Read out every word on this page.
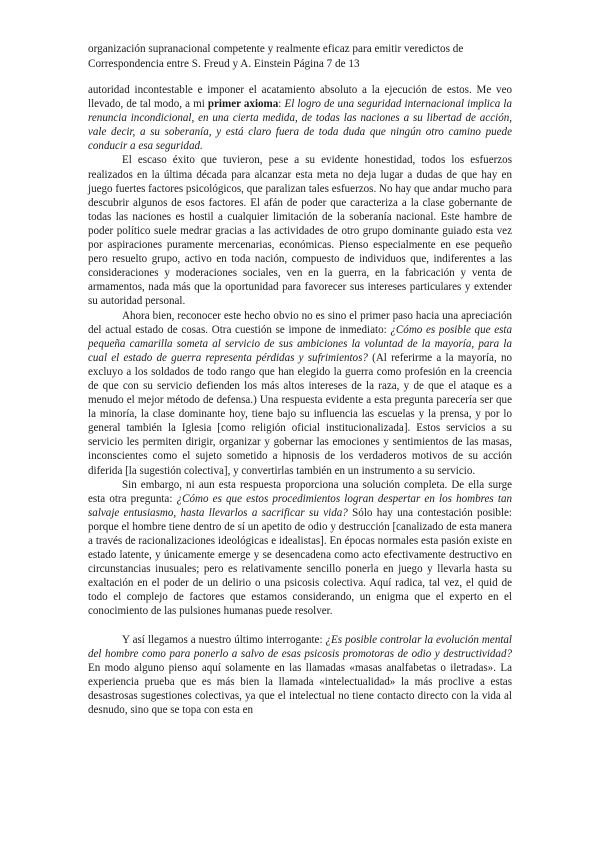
organización supranacional competente y realmente eficaz para emitir veredictos de Correspondencia entre S. Freud y A. Einstein Página 7 de 13

autoridad incontestable e imponer el acatamiento absoluto a la ejecución de estos. Me veo llevado, de tal modo, a mi primer axioma: El logro de una seguridad internacional implica la renuncia incondicional, en una cierta medida, de todas las naciones a su libertad de acción, vale decir, a su soberanía, y está claro fuera de toda duda que ningún otro camino puede conducir a esa seguridad.

El escaso éxito que tuvieron, pese a su evidente honestidad, todos los esfuerzos realizados en la última década para alcanzar esta meta no deja lugar a dudas de que hay en juego fuertes factores psicológicos, que paralizan tales esfuerzos. No hay que andar mucho para descubrir algunos de esos factores. El afán de poder que caracteriza a la clase gobernante de todas las naciones es hostil a cualquier limitación de la soberanía nacional. Este hambre de poder político suele medrar gracias a las actividades de otro grupo dominante guiado esta vez por aspiraciones puramente mercenarias, económicas. Pienso especialmente en ese pequeño pero resuelto grupo, activo en toda nación, compuesto de individuos que, indiferentes a las consideraciones y moderaciones sociales, ven en la guerra, en la fabricación y venta de armamentos, nada más que la oportunidad para favorecer sus intereses particulares y extender su autoridad personal.

Ahora bien, reconocer este hecho obvio no es sino el primer paso hacia una apreciación del actual estado de cosas. Otra cuestión se impone de inmediato: ¿Cómo es posible que esta pequeña camarilla someta al servicio de sus ambiciones la voluntad de la mayoría, para la cual el estado de guerra representa pérdidas y sufrimientos? (Al referirme a la mayoría, no excluyo a los soldados de todo rango que han elegido la guerra como profesión en la creencia de que con su servicio defienden los más altos intereses de la raza, y de que el ataque es a menudo el mejor método de defensa.) Una respuesta evidente a esta pregunta parecería ser que la minoría, la clase dominante hoy, tiene bajo su influencia las escuelas y la prensa, y por lo general también la Iglesia [como religión oficial institucionalizada]. Estos servicios a su servicio les permiten dirigir, organizar y gobernar las emociones y sentimientos de las masas, inconscientes como el sujeto sometido a hipnosis de los verdaderos motivos de su acción diferida [la sugestión colectiva], y convertirlas también en un instrumento a su servicio.

Sin embargo, ni aun esta respuesta proporciona una solución completa. De ella surge esta otra pregunta: ¿Cómo es que estos procedimientos logran despertar en los hombres tan salvaje entusiasmo, hasta llevarlos a sacrificar su vida? Sólo hay una contestación posible: porque el hombre tiene dentro de sí un apetito de odio y destrucción [canalizado de esta manera a través de racionalizaciones ideológicas e idealistas]. En épocas normales esta pasión existe en estado latente, y únicamente emerge y se desencadena como acto efectivamente destructivo en circunstancias inusuales; pero es relativamente sencillo ponerla en juego y llevarla hasta su exaltación en el poder de un delirio o una psicosis colectiva. Aquí radica, tal vez, el quid de todo el complejo de factores que estamos considerando, un enigma que el experto en el conocimiento de las pulsiones humanas puede resolver.

Y así llegamos a nuestro último interrogante: ¿Es posible controlar la evolución mental del hombre como para ponerlo a salvo de esas psicosis promotoras de odio y destructividad? En modo alguno pienso aquí solamente en las llamadas «masas analfabetas o iletradas». La experiencia prueba que es más bien la llamada «intelectualidad» la más proclive a estas desastrosas sugestiones colectivas, ya que el intelectual no tiene contacto directo con la vida al desnudo, sino que se topa con esta en
